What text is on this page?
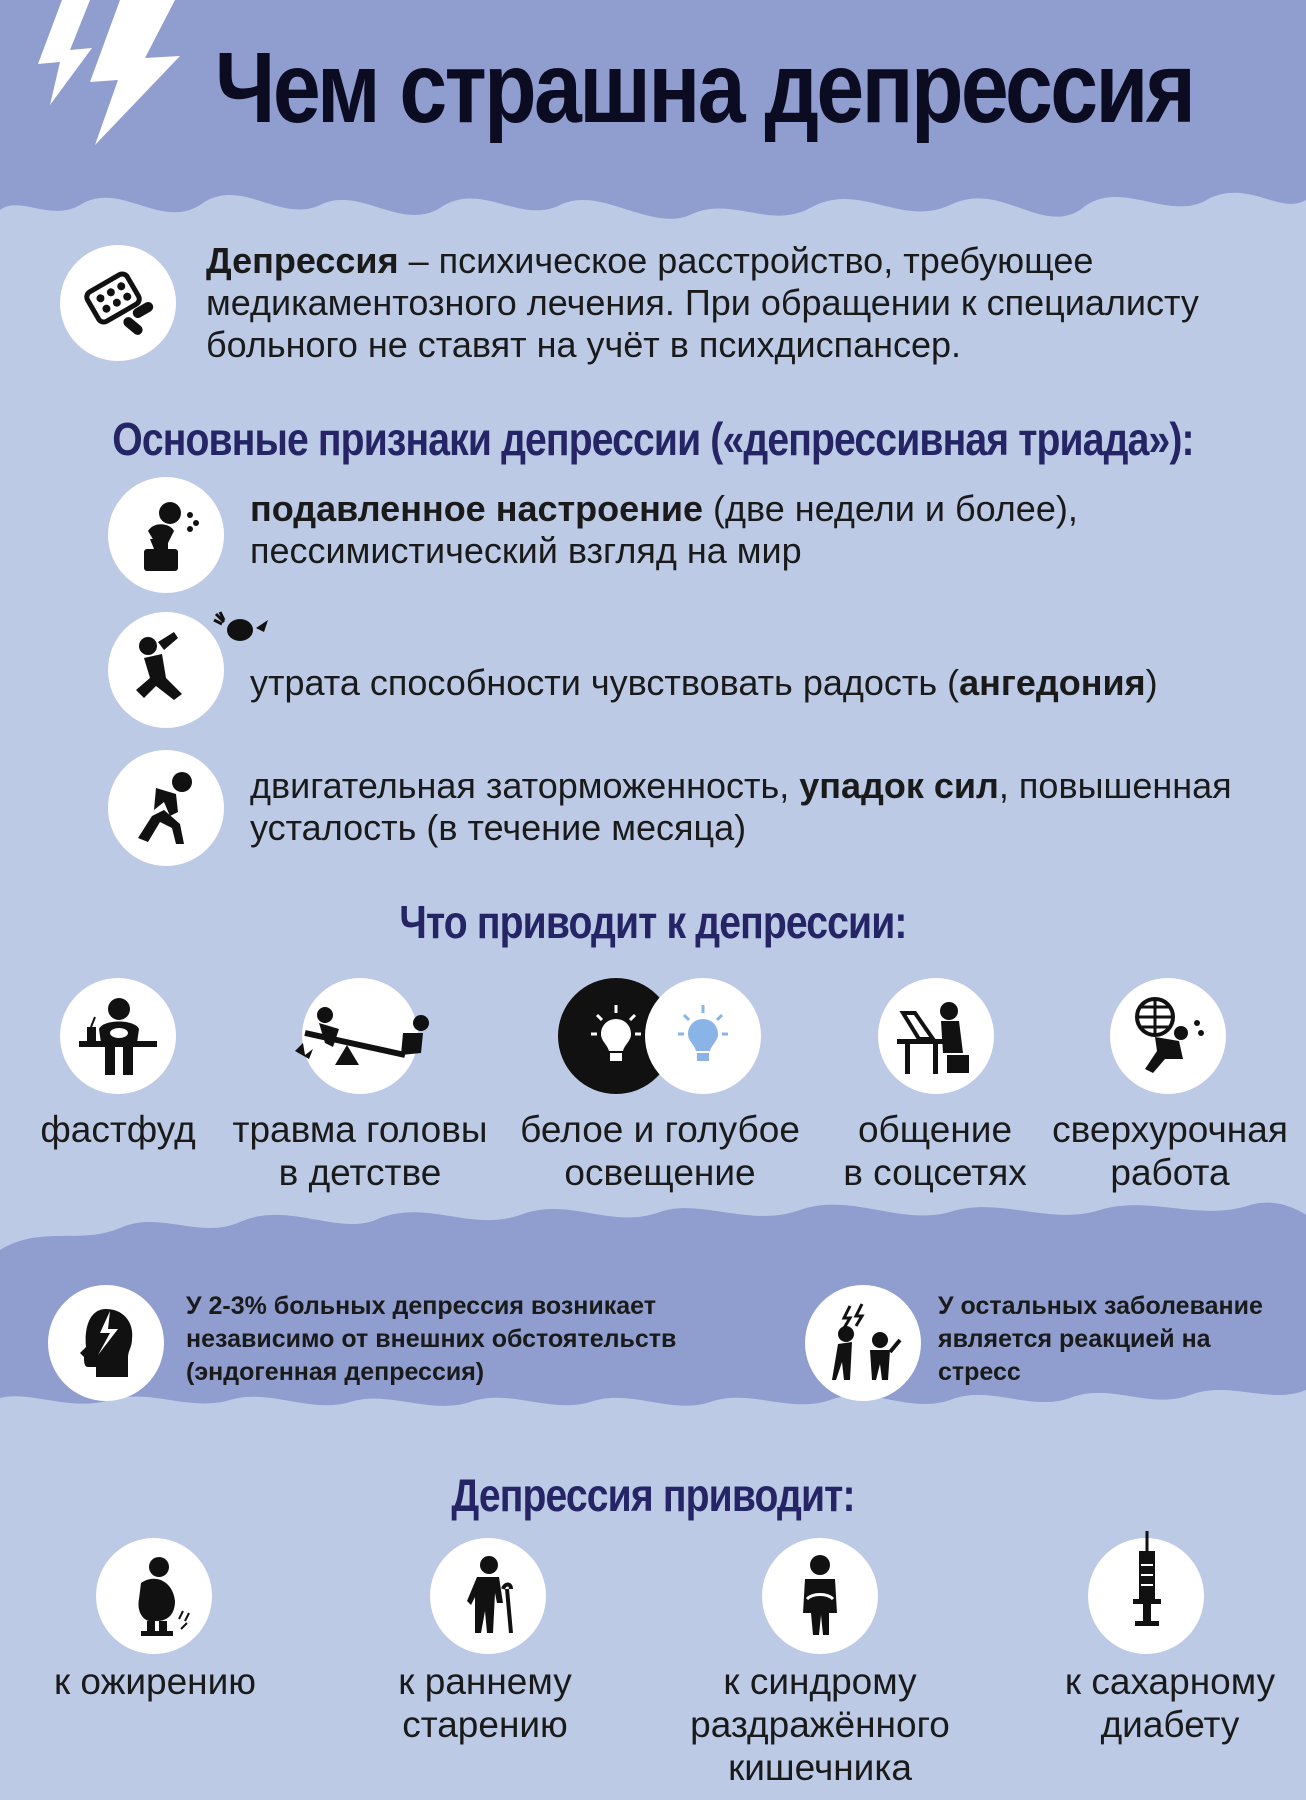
Чем страшна депрессия
Депрессия – психическое расстройство, требующее медикаментозного лечения. При обращении к специалисту больного не ставят на учёт в психдиспансер.
Основные признаки депрессии («депрессивная триада»):
подавленное настроение (две недели и более), пессимистический взгляд на мир
утрата способности чувствовать радость (ангедония)
двигательная заторможенность, упадок сил, повышенная усталость (в течение месяца)
Что приводит к депрессии:
фастфуд травма головы
в детстве
белое и голубое
освещение
общение
в соцсетях
сверхурочная
работа
У 2-3% больных депрессия возникает независимо от внешних обстоятельств (эндогенная депрессия)
У остальных заболевание является реакцией на стресс
Депрессия приводит:
к ожирению	к раннему
старению
к синдрому
раздражённого
кишечника
к сахарному
диабету
